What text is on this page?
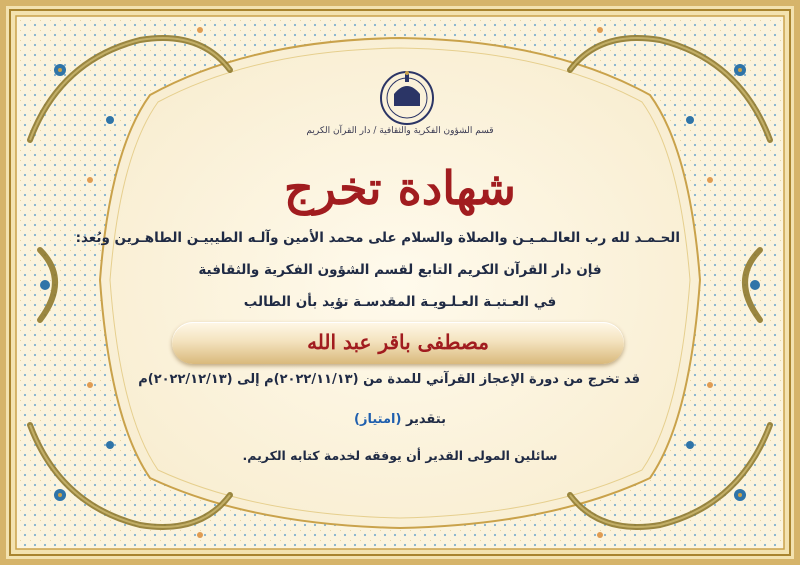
قسم الشؤون الفكرية والثقافية / دار القرآن الكريم
شهادة تخرج
الحـمـد لله رب العالـمـيـن والصلاة والسلام على محمد الأمين وآلـه الطيبيـن الطاهـرين وبُعد:
فإن دار القرآن الكريم التابع لقسم الشؤون الفكرية والثقافية
في العـتبـة العـلـويـة المقدسـة تؤيد بأن الطالب
مصطفى باقر عبد الله
قد تخرج من دورة الإعجاز القرآني للمدة من (٢٠٢٢/١١/١٣)م إلى (٢٠٢٢/١٢/١٣)م
بتقدير (امتياز)
سائلين المولى القدير أن يوفقه لخدمة كتابه الكريم.
